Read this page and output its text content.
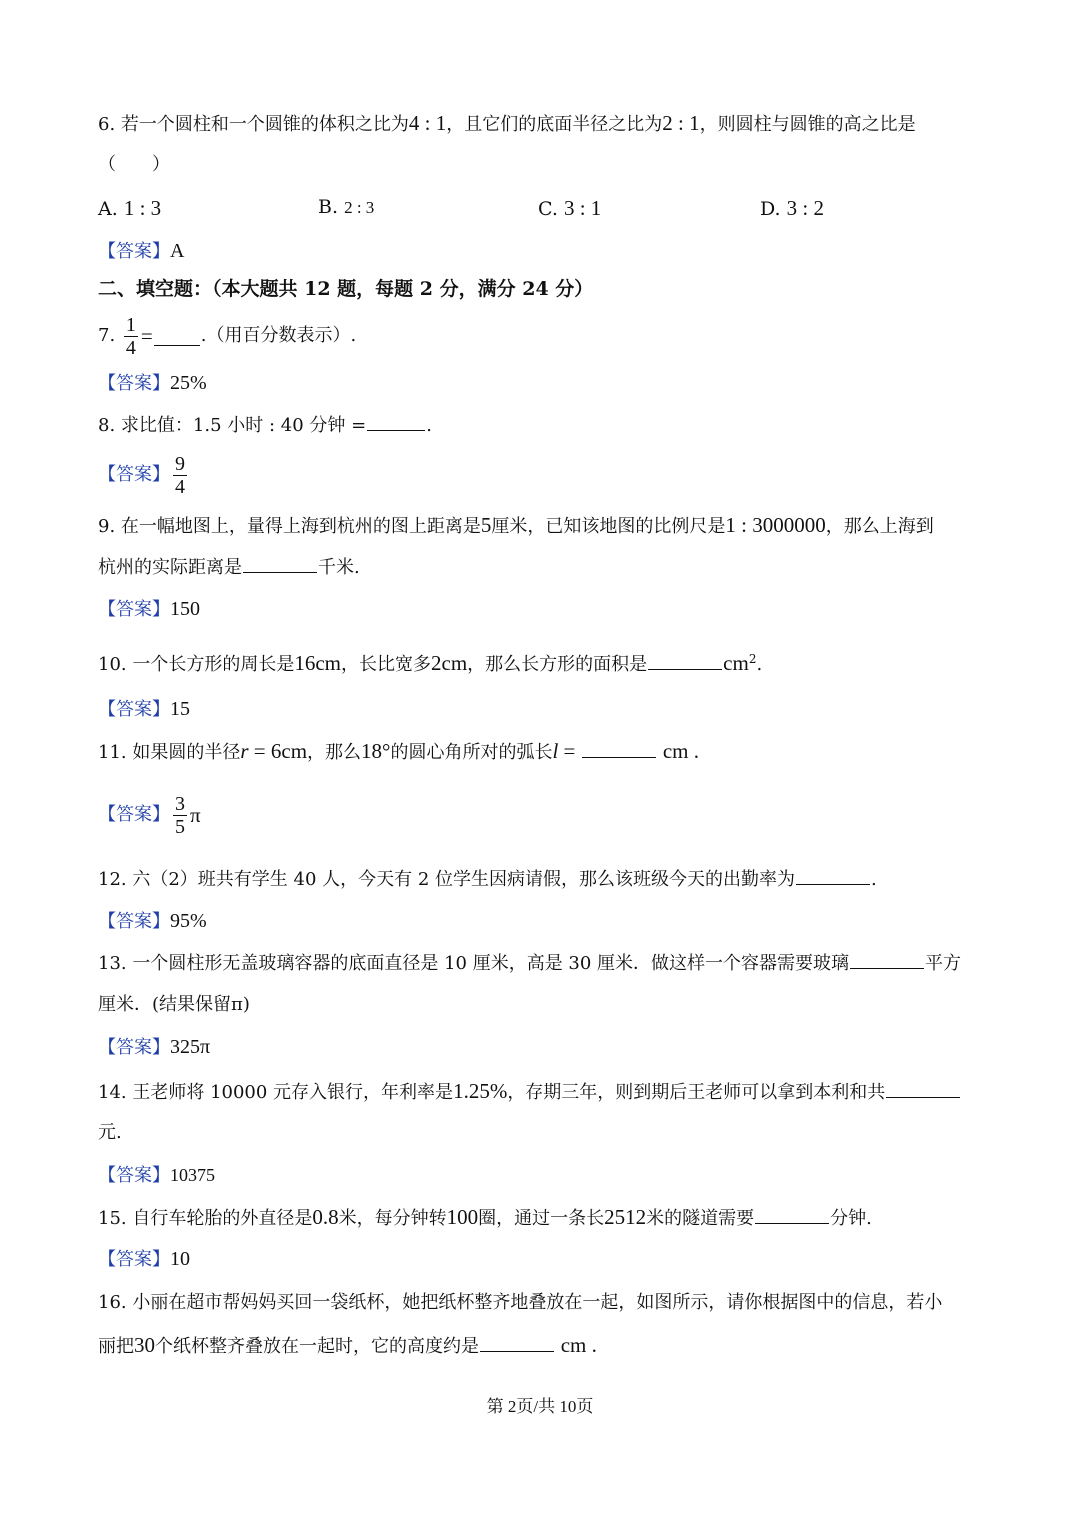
6. 若一个圆柱和一个圆锥的体积之比为4 : 1，且它们的底面半径之比为2 : 1，则圆柱与圆锥的高之比是
（　　）
A. 1 : 3	B. 2 : 3	C. 3 : 1	D. 3 : 2
【答案】A
二、填空题：（本大题共 12 题，每题 2 分，满分 24 分）
7.
$\frac{1}{4}$ =	.（用百分数表示）.
【答案】25%
8. 求比值：1.5 小时 : 40 分钟 =	.
【答案】 $\frac{9}{4}$
9. 在一幅地图上，量得上海到杭州的图上距离是5厘米，已知该地图的比例尺是1 : 3000000，那么上海到
杭州的实际距离是	千米.
【答案】150
10. 一个长方形的周长是16cm，长比宽多2cm，那么长方形的面积是	$cm^2$.
【答案】15
11. 如果圆的半径r = 6cm，那么18°的圆心角所对的弧长l =	cm .
【答案】 $\frac{3}{5}$ π
12. 六（2）班共有学生 40 人，今天有 2 位学生因病请假，那么该班级今天的出勤率为	.
【答案】95%
13. 一个圆柱形无盖玻璃容器的底面直径是 10 厘米，高是 30 厘米．做这样一个容器需要玻璃	平方
厘米．(结果保留π)
【答案】325π
14. 王老师将 10000 元存入银行，年利率是1.25%，存期三年，则到期后王老师可以拿到本利和共
元.
【答案】10375
15. 自行车轮胎的外直径是0.8米，每分钟转100圈，通过一条长2512米的隧道需要	分钟.
【答案】10
16. 小丽在超市帮妈妈买回一袋纸杯，她把纸杯整齐地叠放在一起，如图所示，请你根据图中的信息，若小
丽把30个纸杯整齐叠放在一起时，它的高度约是	cm .
第 2页/共 10页
